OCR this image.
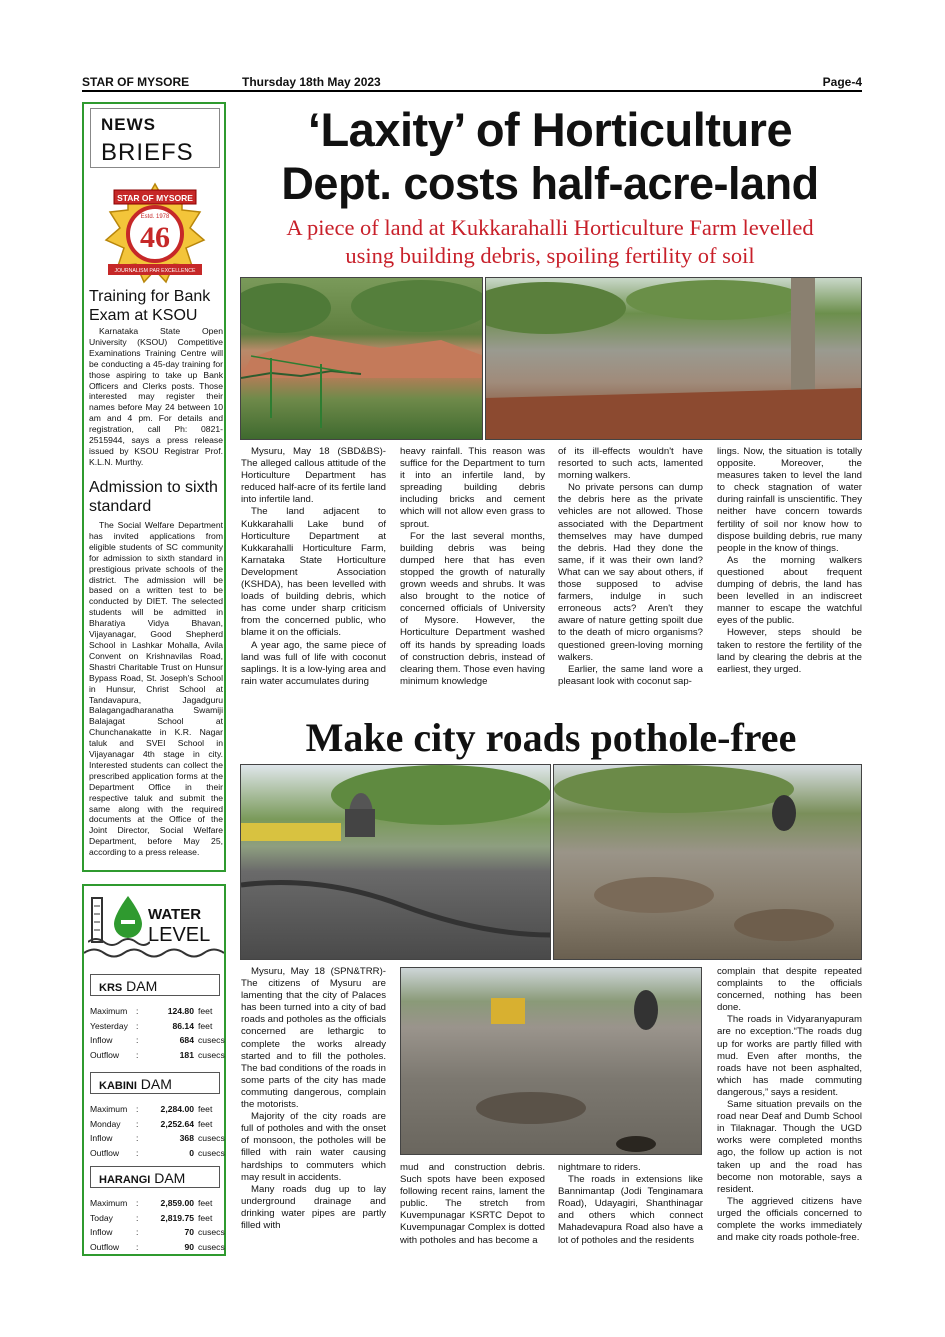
STAR OF MYSORE	Thursday 18th May 2023	Page-4
NEWS
BRIEFS
STAR OF MYSORE
Estd. 1978
46
JOURNALISM PAR EXCELLENCE
Training for Bank Exam at KSOU
Karnataka State Open University (KSOU) Competitive Examinations Training Centre will be conducting a 45-day training for those aspiring to take up Bank Officers and Clerks posts. Those interested may register their names before May 24 between 10 am and 4 pm. For details and registration, call Ph: 0821-2515944, says a press release issued by KSOU Registrar Prof. K.L.N. Murthy.
Admission to sixth standard
The Social Welfare Department has invited applications from eligible students of SC community for admission to sixth standard in prestigious private schools of the district. The admission will be based on a written test to be conducted by DIET. The selected students will be admitted in Bharatiya Vidya Bhavan, Vijayanagar, Good Shepherd School in Lashkar Mohalla, Avila Convent on Krishnavilas Road, Shastri Charitable Trust on Hunsur Bypass Road, St. Joseph's School in Hunsur, Christ School at Tandavapura, Jagadguru Balagangadharanatha Swamiji Balajagat School at Chunchanakatte in K.R. Nagar taluk and SVEI School in Vijayanagar 4th stage in city. Interested students can collect the prescribed application forms at the Department Office in their respective taluk and submit the same along with the required documents at the Office of the Joint Director, Social Welfare Department, before May 25, according to a press release.
WATER
LEVEL
KRS DAM
Maximum :	124.80 feet
Yesterday :	86.14 feet
Inflow	:	684 cusecs
Outflow :	181 cusecs
KABINI DAM
Maximum :	2,284.00 feet
Monday :	2,252.64 feet
Inflow	:	368 cusecs
Outflow :	0 cusecs
HARANGI DAM
Maximum :	2,859.00 feet
Today	:	2,819.75 feet
Inflow	:	70 cusecs
Outflow :	90 cusecs
‘Laxity’ of Horticulture
Dept. costs half-acre-land
A piece of land at Kukkarahalli Horticulture Farm levelled
using building debris, spoiling fertility of soil

Mysuru, May 18 (SBD&BS)- The alleged callous attitude of the Horticulture Department has reduced half-acre of its fertile land into infertile land.

The land adjacent to Kukkarahalli Lake bund of Horticulture Department at Kukkarahalli Horticulture Farm, Karnataka State Horticulture Development Association (KSHDA), has been levelled with loads of building debris, which has come under sharp criticism from the concerned public, who blame it on the officials.

A year ago, the same piece of land was full of life with coconut saplings. It is a low-lying area and rain water accumulates during

heavy rainfall. This reason was suffice for the Department to turn it into an infertile land, by spreading building debris including bricks and cement which will not allow even grass to sprout.

For the last several months, building debris was being dumped here that has even stopped the growth of naturally grown weeds and shrubs. It was also brought to the notice of concerned officials of University of Mysore. However, the Horticulture Department washed off its hands by spreading loads of construction debris, instead of clearing them. Those even having minimum knowledge

of its ill-effects wouldn't have resorted to such acts, lamented morning walkers.

No private persons can dump the debris here as the private vehicles are not allowed. Those associated with the Department themselves may have dumped the debris. Had they done the same, if it was their own land? What can we say about others, if those supposed to advise farmers, indulge in such erroneous acts? Aren't they aware of nature getting spoilt due to the death of micro organisms? questioned green-loving morning walkers.

Earlier, the same land wore a pleasant look with coconut sap-

lings. Now, the situation is totally opposite. Moreover, the measures taken to level the land to check stagnation of water during rainfall is unscientific. They neither have concern towards fertility of soil nor know how to dispose building debris, rue many people in the know of things.

As the morning walkers questioned about frequent dumping of debris, the land has been levelled in an indiscreet manner to escape the watchful eyes of the public.

However, steps should be taken to restore the fertility of the land by clearing the debris at the earliest, they urged.

Make city roads pothole-free

Mysuru, May 18 (SPN&TRR)- The citizens of Mysuru are lamenting that the city of Palaces has been turned into a city of bad roads and potholes as the officials concerned are lethargic to complete the works already started and to fill the potholes. The bad conditions of the roads in some parts of the city has made commuting dangerous, complain the motorists.

Majority of the city roads are full of potholes and with the onset of monsoon, the potholes will be filled with rain water causing hardships to commuters which may result in accidents.

Many roads dug up to lay underground drainage and drinking water pipes are partly filled with

mud and construction debris. Such spots have been exposed following recent rains, lament the public. The stretch from Kuvempunagar KSRTC Depot to Kuvempunagar Complex is dotted with potholes and has become a

nightmare to riders.

The roads in extensions like Bannimantap (Jodi Tenginamara Road), Udayagiri, Shanthinagar and others which connect Mahadevapura Road also have a lot of potholes and the residents

complain that despite repeated complaints to the officials concerned, nothing has been done.

The roads in Vidyaranyapuram are no exception.“The roads dug up for works are partly filled with mud. Even after months, the roads have not been asphalted, which has made commuting dangerous,” says a resident.

Same situation prevails on the road near Deaf and Dumb School in Tilaknagar. Though the UGD works were completed months ago, the follow up action is not taken up and the road has become non motorable, says a resident.

The aggrieved citizens have urged the officials concerned to complete the works immediately and make city roads pothole-free.
